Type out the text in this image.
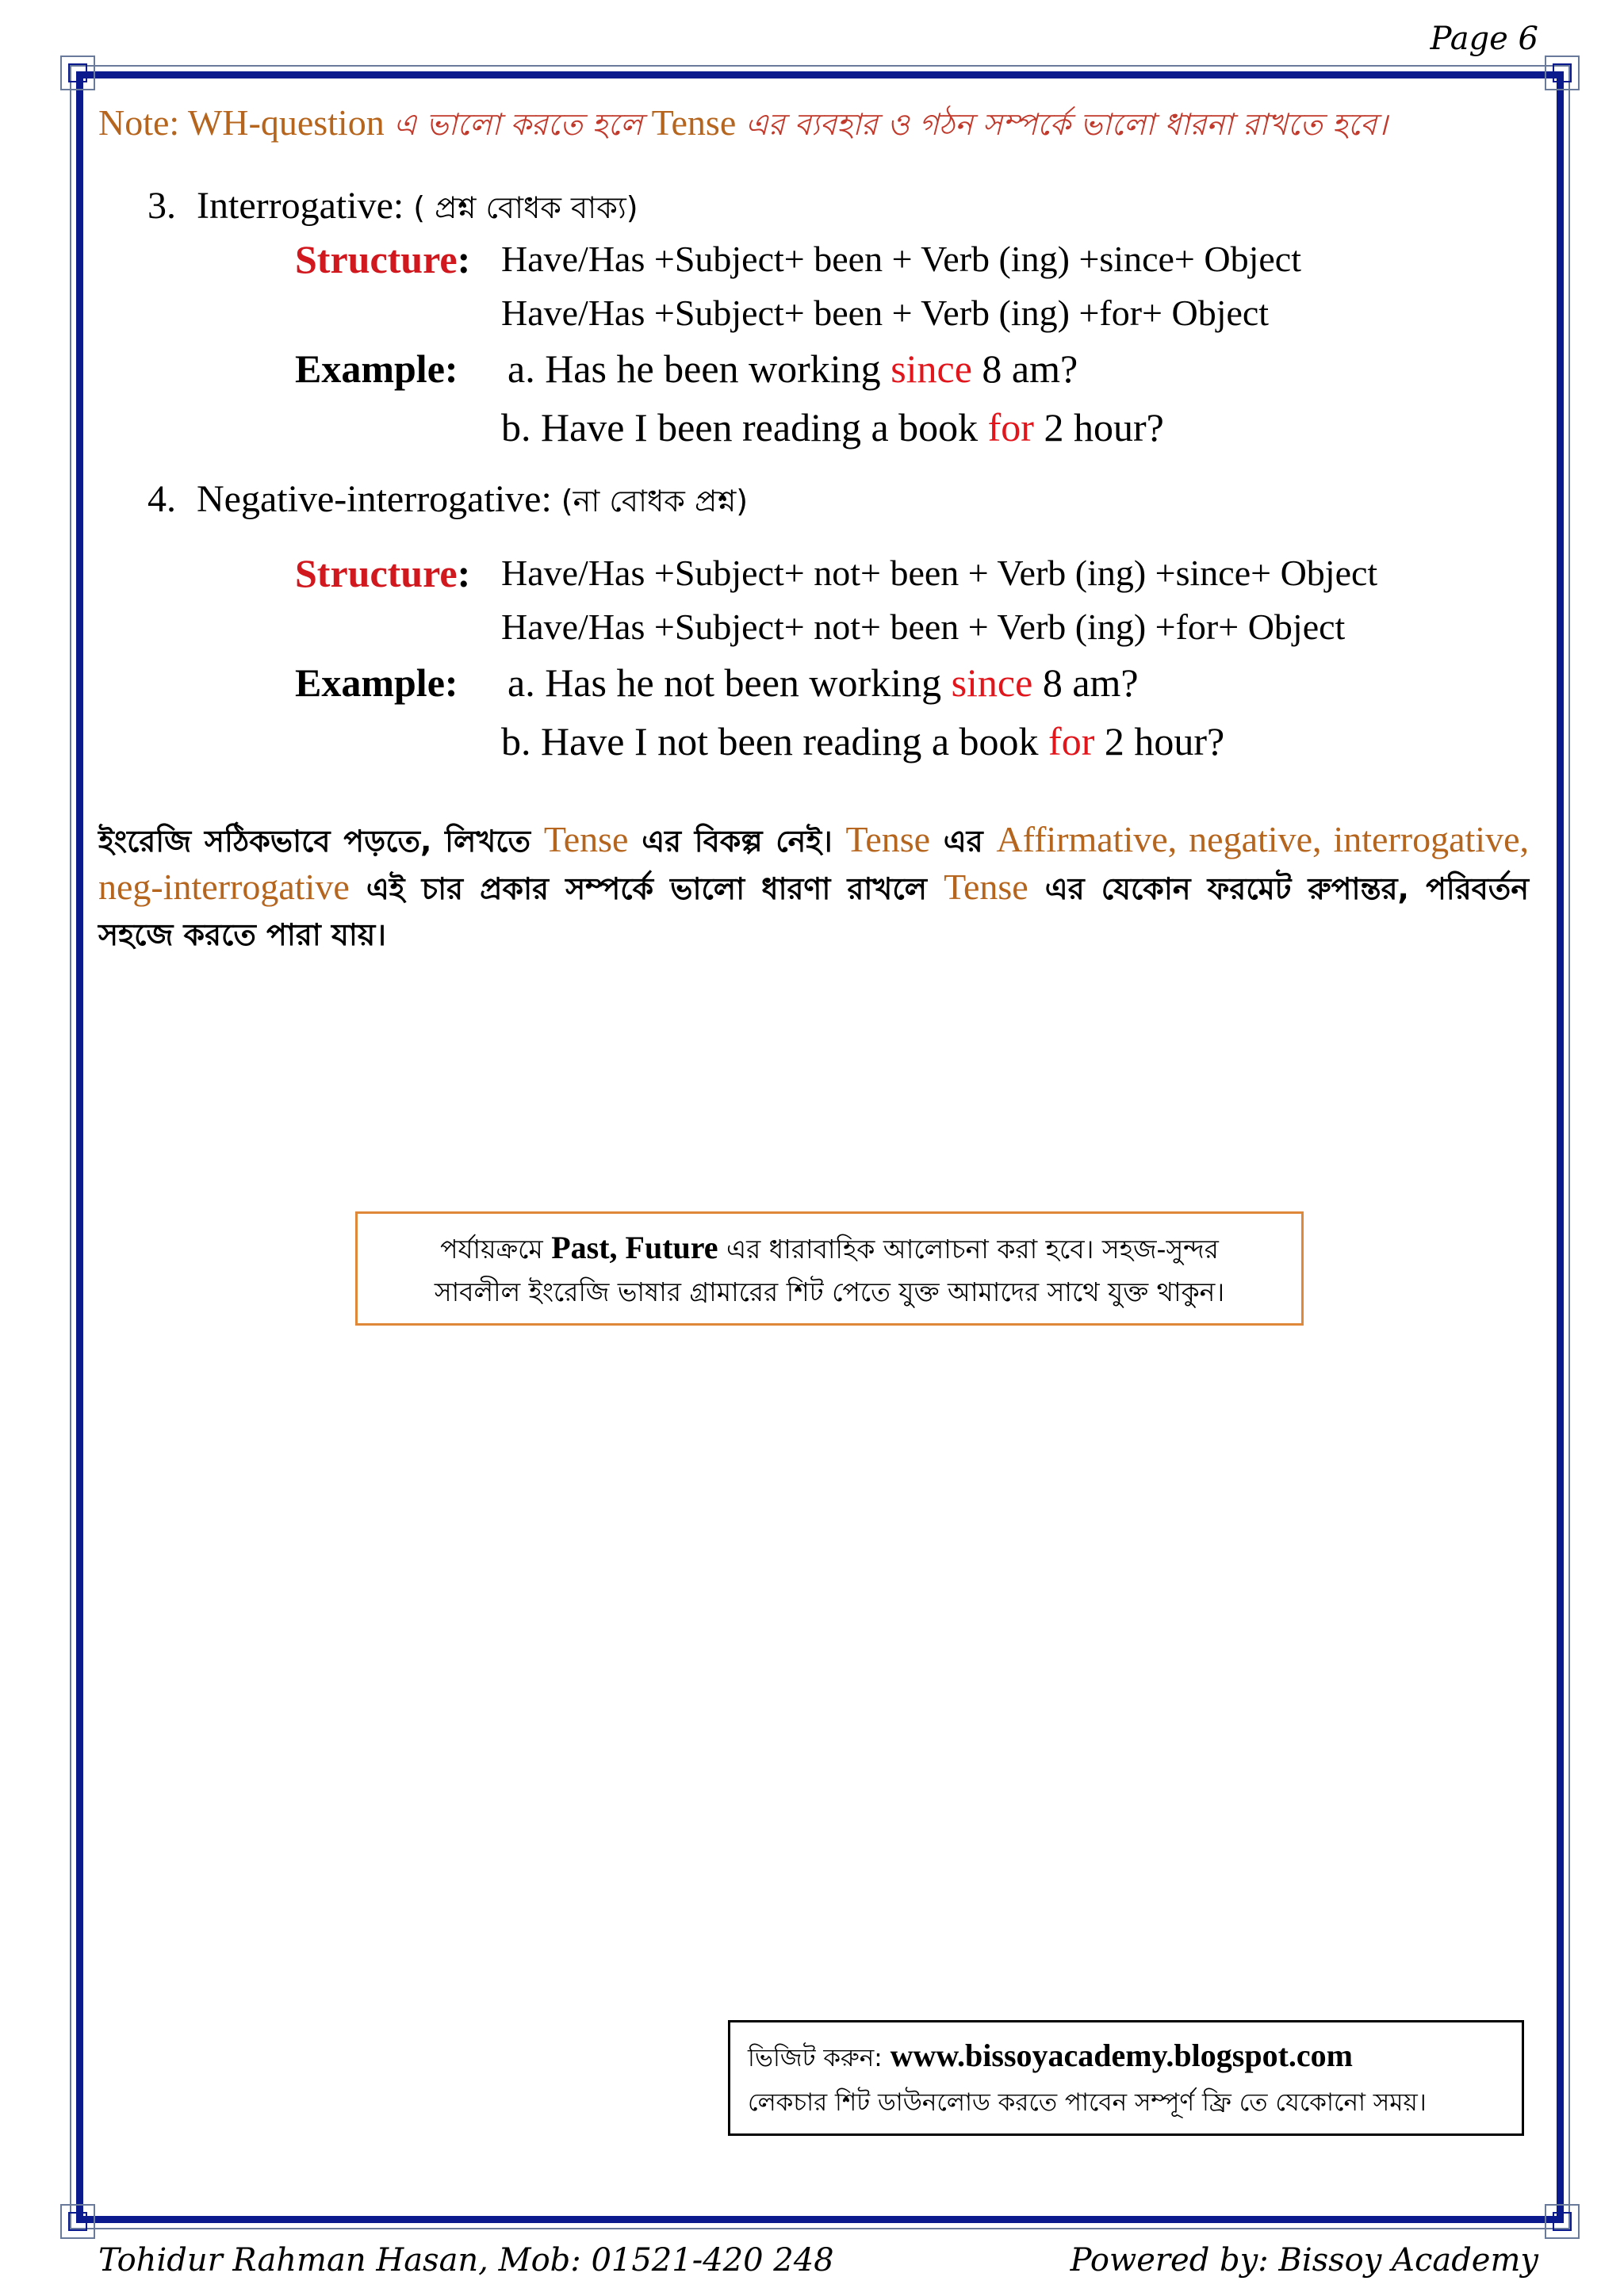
Page 6
Note: WH-question এ ভালো করতে হলে Tense এর ব্যবহার ও গঠন সম্পর্কে ভালো ধারনা রাখতে হবে।
3. Interrogative: ( প্রশ্ন বোধক বাক্য)
Structure: Have/Has +Subject+ been + Verb (ing) +since+ Object
Have/Has +Subject+ been + Verb (ing) +for+ Object
Example: a. Has he been working since 8 am?
b. Have I been reading a book for 2 hour?
4. Negative-interrogative: (না বোধক প্রশ্ন)
Structure: Have/Has +Subject+ not+ been + Verb (ing) +since+ Object
Have/Has +Subject+ not+ been + Verb (ing) +for+ Object
Example: a. Has he not been working since 8 am?
b. Have I not been reading a book for 2 hour?
ইংরেজি সঠিকভাবে পড়তে, লিখতে Tense এর বিকল্প নেই। Tense এর Affirmative, negative, interrogative, neg-interrogative এই চার প্রকার সম্পর্কে ভালো ধারণা রাখলে Tense এর যেকোন ফরমেট রুপান্তর, পরিবর্তন সহজে করতে পারা যায়।
পর্যায়ক্রমে Past, Future এর ধারাবাহিক আলোচনা করা হবে। সহজ-সুন্দর
সাবলীল ইংরেজি ভাষার গ্রামারের শিট পেতে যুক্ত আমাদের সাথে যুক্ত থাকুন।
ভিজিট করুন: www.bissoyacademy.blogspot.com
লেকচার শিট ডাউনলোড করতে পাবেন সম্পূর্ণ ফ্রি তে যেকোনো সময়।
Tohidur Rahman Hasan, Mob: 01521-420 248	Powered by: Bissoy Academy
